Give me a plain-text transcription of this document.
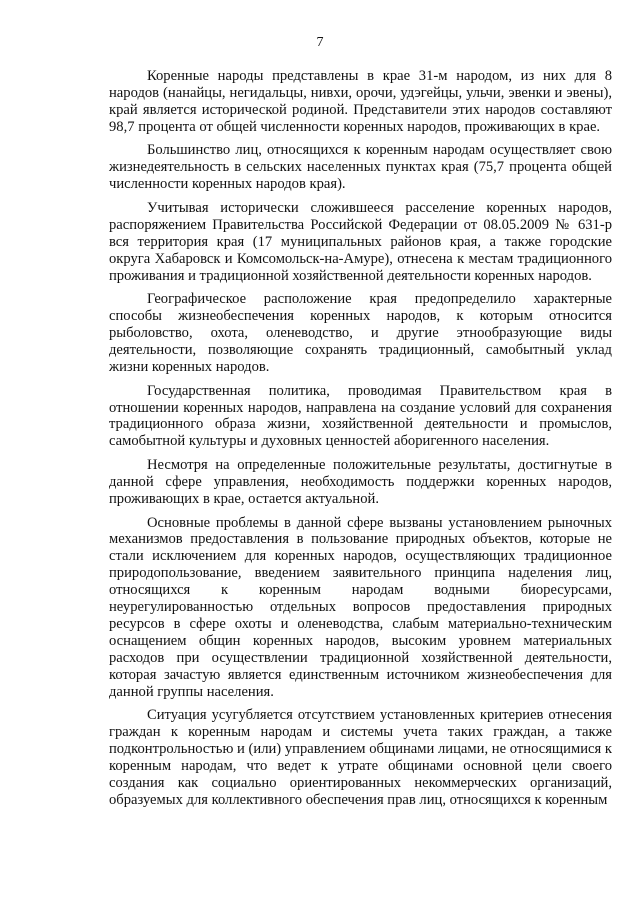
7

Коренные народы представлены в крае 31-м народом, из них для 8 народов (нанайцы, негидальцы, нивхи, орочи, удэгейцы, ульчи, эвенки и эвены), край является исторической родиной. Представители этих народов составляют 98,7 процента от общей численности коренных народов, проживающих в крае.

Большинство лиц, относящихся к коренным народам осуществляет свою жизнедеятельность в сельских населенных пунктах края (75,7 процента общей численности коренных народов края).

Учитывая исторически сложившееся расселение коренных народов, распоряжением Правительства Российской Федерации от 08.05.2009 № 631-р вся территория края (17 муниципальных районов края, а также городские округа Хабаровск и Комсомольск-на-Амуре), отнесена к местам традиционного проживания и традиционной хозяйственной деятельности коренных народов.

Географическое расположение края предопределило характерные способы жизнеобеспечения коренных народов, к которым относится рыболовство, охота, оленеводство, и другие этнообразующие виды деятельности, позволяющие сохранять традиционный, самобытный уклад жизни коренных народов.

Государственная политика, проводимая Правительством края в отношении коренных народов, направлена на создание условий для сохранения традиционного образа жизни, хозяйственной деятельности и промыслов, самобытной культуры и духовных ценностей аборигенного населения.

Несмотря на определенные положительные результаты, достигнутые в данной сфере управления, необходимость поддержки коренных народов, проживающих в крае, остается актуальной.

Основные проблемы в данной сфере вызваны установлением рыночных механизмов предоставления в пользование природных объектов, которые не стали исключением для коренных народов, осуществляющих традиционное природопользование, введением заявительного принципа наделения лиц, относящихся к коренным народам водными биоресурсами, неурегулированностью отдельных вопросов предоставления природных ресурсов в сфере охоты и оленеводства, слабым материально-техническим оснащением общин коренных народов, высоким уровнем материальных расходов при осуществлении традиционной хозяйственной деятельности, которая зачастую является единственным источником жизнеобеспечения для данной группы населения.

Ситуация усугубляется отсутствием установленных критериев отнесения граждан к коренным народам и системы учета таких граждан, а также подконтрольностью и (или) управлением общинами лицами, не относящимися к коренным народам, что ведет к утрате общинами основной цели своего создания как социально ориентированных некоммерческих организаций, образуемых для коллективного обеспечения прав лиц, относящихся к коренным
